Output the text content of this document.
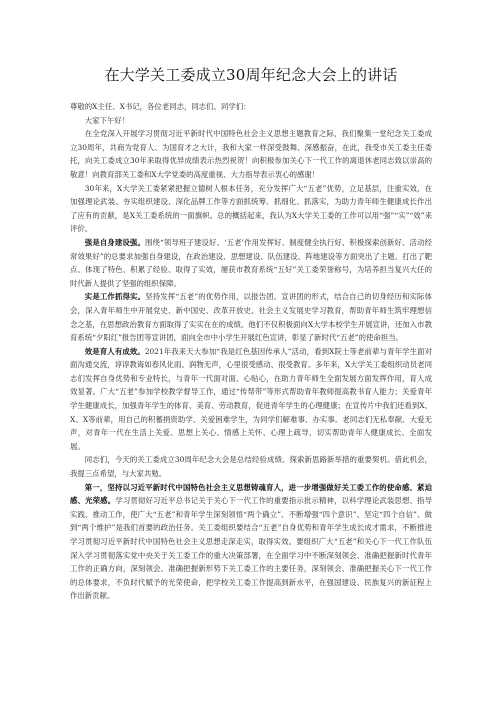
在大学关工委成立30周年纪念大会上的讲话

尊敬的X主任、X书记，各位老同志，同志们、同学们：

大家下午好！

在全党深入开展学习贯彻习近平新时代中国特色社会主义思想主题教育之际，我们聚集一堂纪念关工委成立30周年，共商为党育人、为国育才之大计，我和大家一样深受鼓舞、深感振奋，在此，我受市关工委主任委托，向关工委成立30年来取得优异成绩表示热烈祝贺！向积极参加关心下一代工作的离退休老同志致以崇高的敬意！向教育部关工委和X大学党委的高度重视、大力指导表示衷心的感谢！

30年来，X大学关工委紧紧把握立德树人根本任务，充分发挥广大“五老”优势，立足基层，注重实效，在加强理论武装、夯实组织建设、深化品牌工作等方面抓统筹、抓细化、抓落实，为助力青年师生健康成长作出了应有的贡献，是X关工委系统的一面旗帜。总的概括起来，我认为X大学关工委的工作可以用“强”“实”“效”来评价。

强是自身建设强。围绕“领导班子建设好、‘五老’作用发挥好、制度健全执行好、积极探索创新好、活动经常效果好”的总要求加强自身建设，在政治建设、思想建设、队伍建设、阵地建设等方面突出了主题、打出了靶点、体现了特色、积累了经验、取得了实效，屡获市教育系统“五好”关工委荣誉称号，为培养担当复兴大任的时代新人提供了坚强的组织保障。

实是工作抓得实。坚持发挥“五老”的优势作用，以报告团、宣讲团的形式，结合自己的切身经历和实际体会，深入青年师生中开展党史、新中国史、改革开放史、社会主义发展史学习教育，帮助青年师生筑牢理想信念之基，在思想政治教育方面取得了实实在在的成绩。他们不仅积极面向X大学本校学生开展宣讲，还加入市教育系统“夕阳红”报告团等宣讲团，面向全市中小学生开展红色宣讲，彰显了新时代“五老”的使命担当。

效是育人有成效。2021年我来天大参加“我是红色基因传承人”活动，看到X院士等老前辈与青年学生面对面沟通交流，谆谆教诲如春风化雨、润物无声，心里很受感动、很受教育。多年来，X大学关工委组织动员老同志们发挥自身优势和专业特长，与青年一代面对面、心贴心，在助力青年师生全面发展方面发挥作用，育人成效显著。广大“五老”参加学校教学督导工作，通过“传帮带”等形式帮助青年教师提高教书育人能力；关爱青年学生健康成长，加强青年学生的体育、美育、劳动教育，促进青年学生的心理健康；在宣传片中我们还看到X、X、X等前辈，用自己的积蓄捐资助学、关爱困难学生，为同学们解难事、办实事。老同志们无私奉献、大爱无声，对青年一代在生活上关爱、思想上关心、情感上关怀、心理上疏导，切实帮助青年人健康成长、全面发展。

同志们，今天的关工委成立30周年纪念大会是总结经验成绩、探索新思路新举措的重要契机。借此机会，我提三点希望，与大家共勉。

第一，坚持以习近平新时代中国特色社会主义思想铸魂育人，进一步增强做好关工委工作的使命感、紧迫感、光荣感。学习贯彻好习近平总书记关于关心下一代工作的重要指示批示精神，以科学理论武装思想、指导实践、推动工作，使广大“五老”和青年学生深刻领悟“两个确立”、不断增强“四个意识”、坚定“四个自信”、做到“两个维护”是我们首要的政治任务。关工委组织要结合“五老”自身优势和青年学生成长成才需求，不断推进学习贯彻习近平新时代中国特色社会主义思想走深走实，取得实效。要组织广大“五老”和关心下一代工作队伍深入学习贯彻落实党中央关于关工委工作的重大决策部署，在全面学习中不断深刻领会、准确把握新时代青年工作的正确方向，深刻领会、准确把握新形势下关工委工作的主要任务，深刻领会、准确把握关心下一代工作的总体要求，不负时代赋予的光荣使命，把学校关工委工作提高到新水平，在强国建设、民族复兴的新征程上作出新贡献。
